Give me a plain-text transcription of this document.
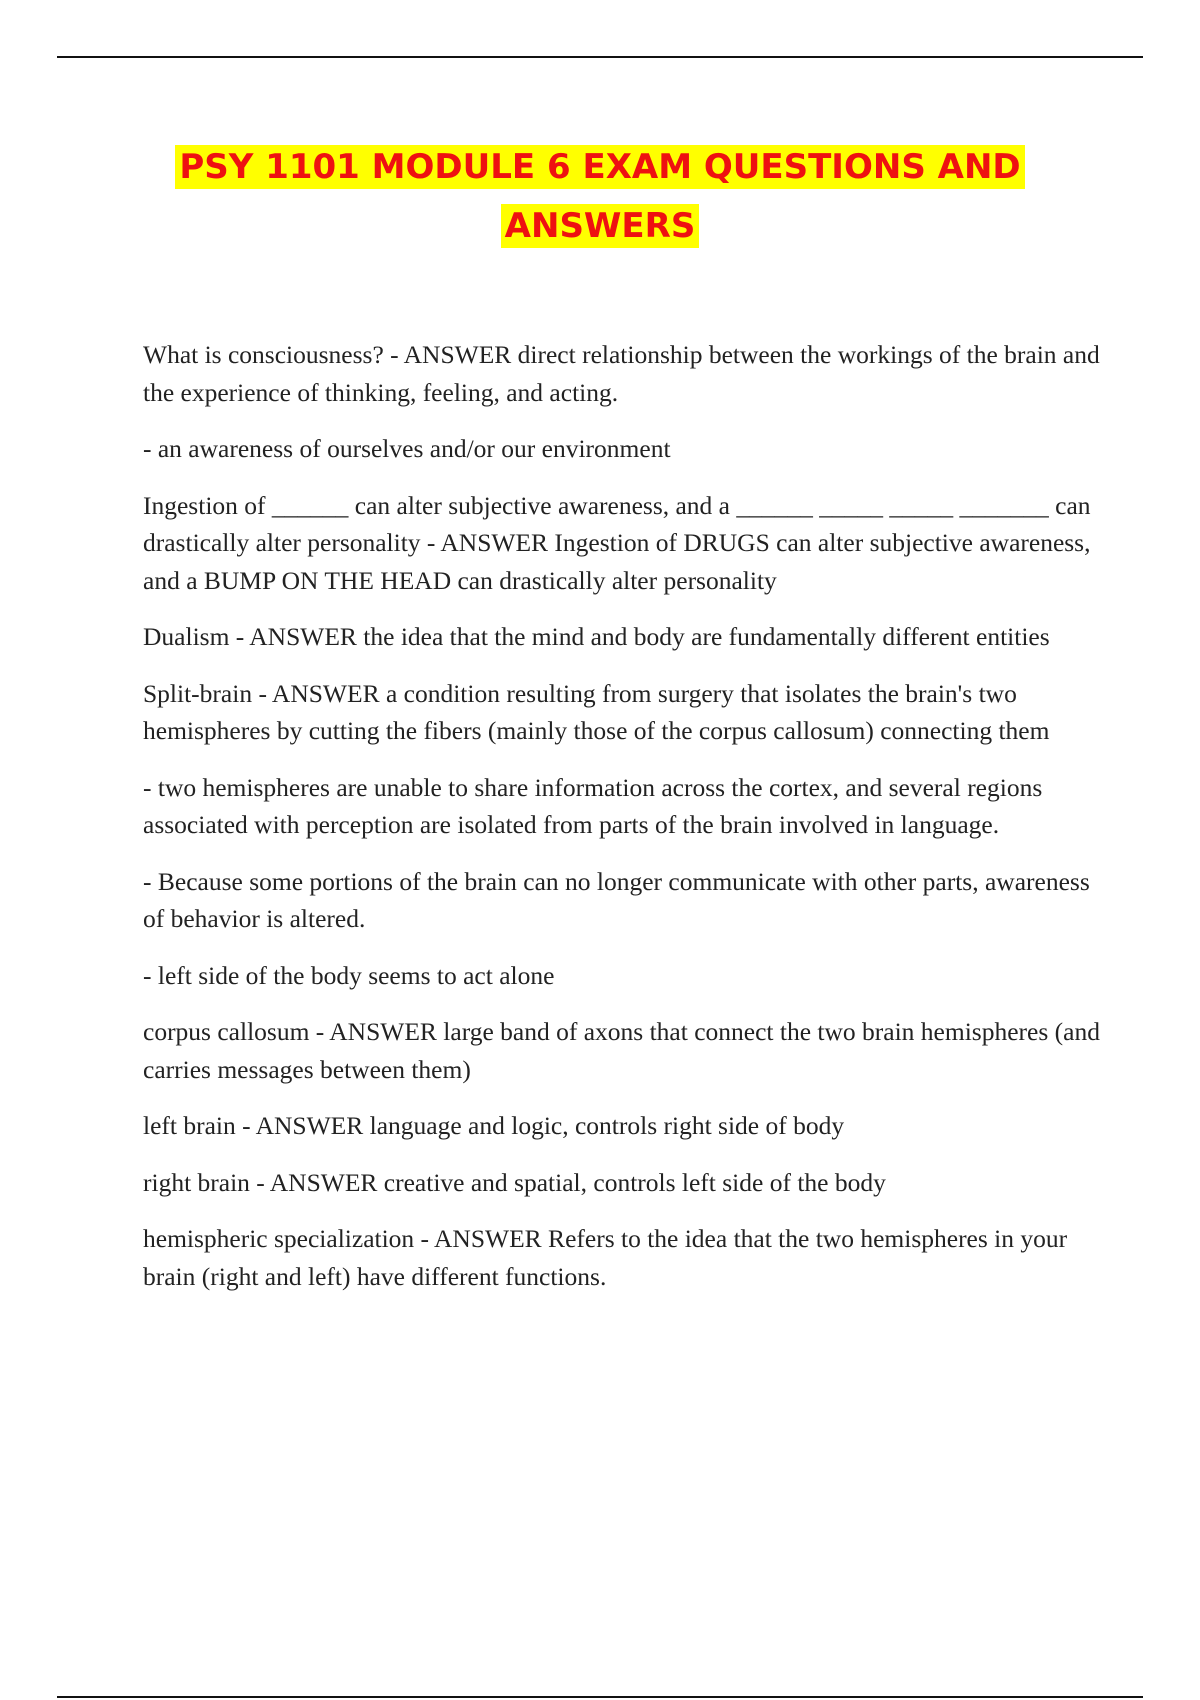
PSY 1101 MODULE 6 EXAM QUESTIONS AND
ANSWERS

What is consciousness? - ANSWER direct relationship between the workings of the brain and the experience of thinking, feeling, and acting.

- an awareness of ourselves and/or our environment

Ingestion of ______ can alter subjective awareness, and a ______ _____ _____ _______ can drastically alter personality - ANSWER Ingestion of DRUGS can alter subjective awareness, and a BUMP ON THE HEAD can drastically alter personality

Dualism - ANSWER the idea that the mind and body are fundamentally different entities

Split-brain - ANSWER a condition resulting from surgery that isolates the brain's two hemispheres by cutting the fibers (mainly those of the corpus callosum) connecting them

- two hemispheres are unable to share information across the cortex, and several regions associated with perception are isolated from parts of the brain involved in language.

- Because some portions of the brain can no longer communicate with other parts, awareness of behavior is altered.

- left side of the body seems to act alone

corpus callosum - ANSWER large band of axons that connect the two brain hemispheres (and carries messages between them)

left brain - ANSWER language and logic, controls right side of body

right brain - ANSWER creative and spatial, controls left side of the body

hemispheric specialization - ANSWER Refers to the idea that the two hemispheres in your brain (right and left) have different functions.
